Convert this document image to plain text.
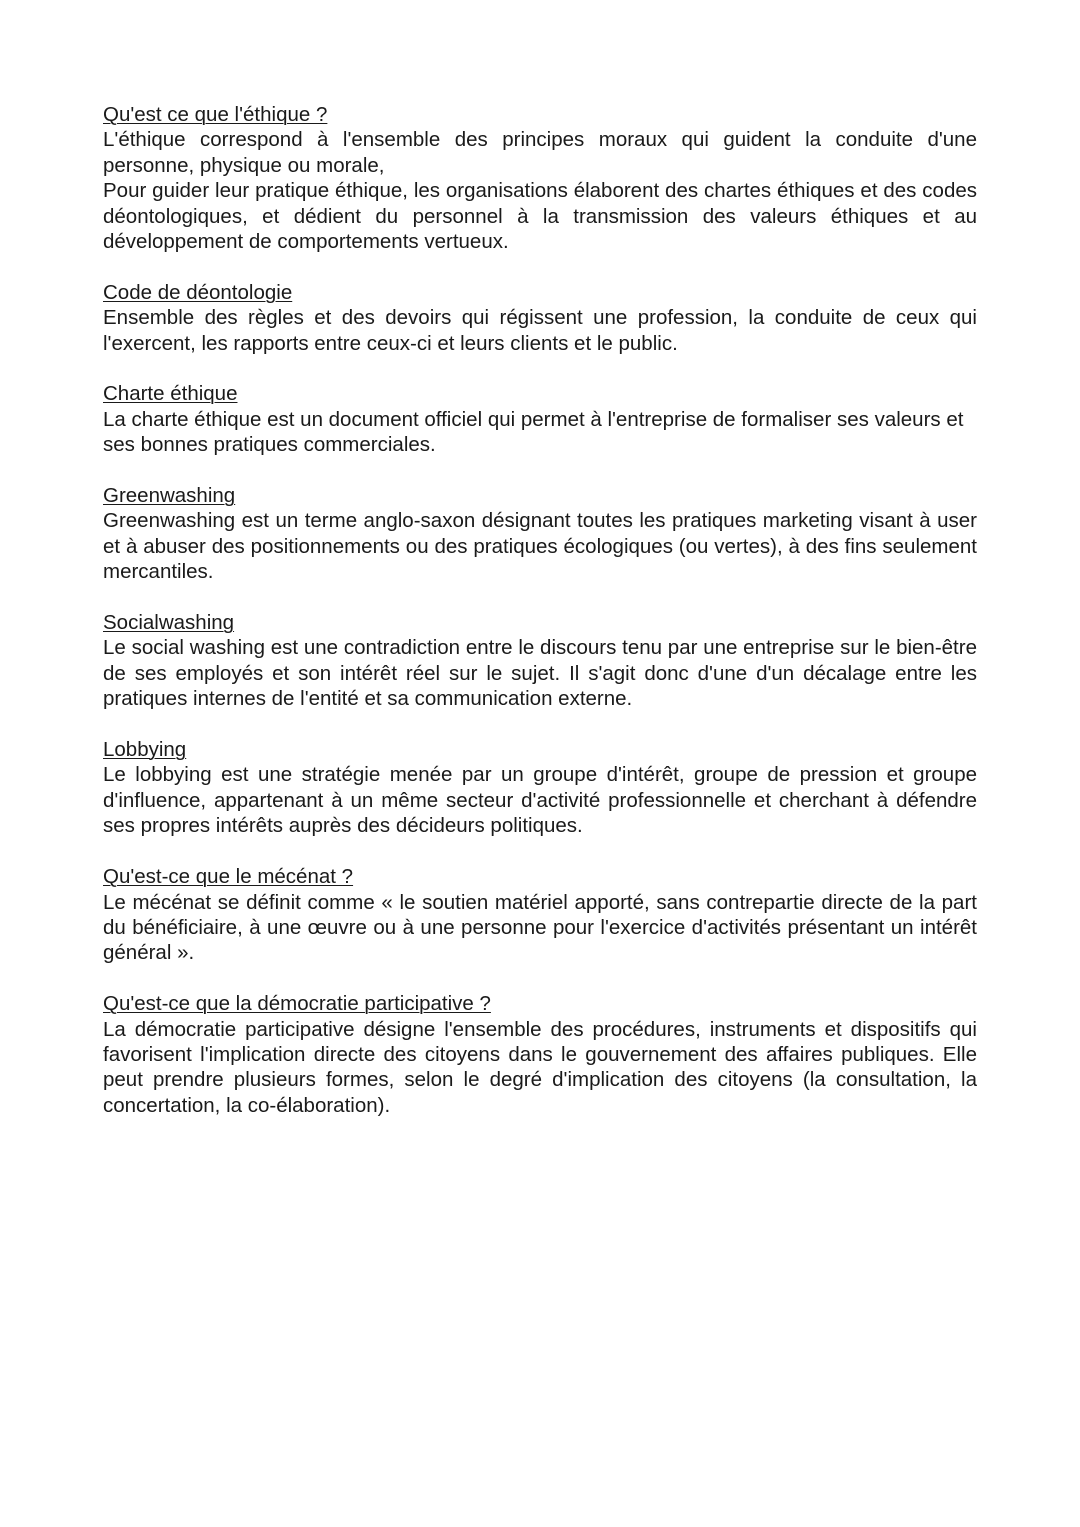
Qu'est ce que l'éthique ?

L'éthique correspond à l'ensemble des principes moraux qui guident la conduite d'une personne, physique ou morale,

Pour guider leur pratique éthique, les organisations élaborent des chartes éthiques et des codes déontologiques, et dédient du personnel à la transmission des valeurs éthiques et au développement de comportements vertueux.

Code de déontologie

Ensemble des règles et des devoirs qui régissent une profession, la conduite de ceux qui l'exercent, les rapports entre ceux-ci et leurs clients et le public.

Charte éthique

La charte éthique est un document officiel qui permet à l'entreprise de formaliser ses valeurs et ses bonnes pratiques commerciales.

Greenwashing

Greenwashing est un terme anglo-saxon désignant toutes les pratiques marketing visant à user et à abuser des positionnements ou des pratiques écologiques (ou vertes), à des fins seulement mercantiles.

Socialwashing

Le social washing est une contradiction entre le discours tenu par une entreprise sur le bien-être de ses employés et son intérêt réel sur le sujet. Il s'agit donc d'une d'un décalage entre les pratiques internes de l'entité et sa communication externe.

Lobbying

Le lobbying est une stratégie menée par un groupe d'intérêt, groupe de pression et groupe d'influence, appartenant à un même secteur d'activité professionnelle et cherchant à défendre ses propres intérêts auprès des décideurs politiques.

Qu'est-ce que le mécénat ?

Le mécénat se définit comme « le soutien matériel apporté, sans contrepartie directe de la part du bénéficiaire, à une œuvre ou à une personne pour l'exercice d'activités présentant un intérêt général ».

Qu'est-ce que la démocratie participative ?

La démocratie participative désigne l'ensemble des procédures, instruments et dispositifs qui favorisent l'implication directe des citoyens dans le gouvernement des affaires publiques. Elle peut prendre plusieurs formes, selon le degré d'implication des citoyens (la consultation, la concertation, la co-élaboration).
